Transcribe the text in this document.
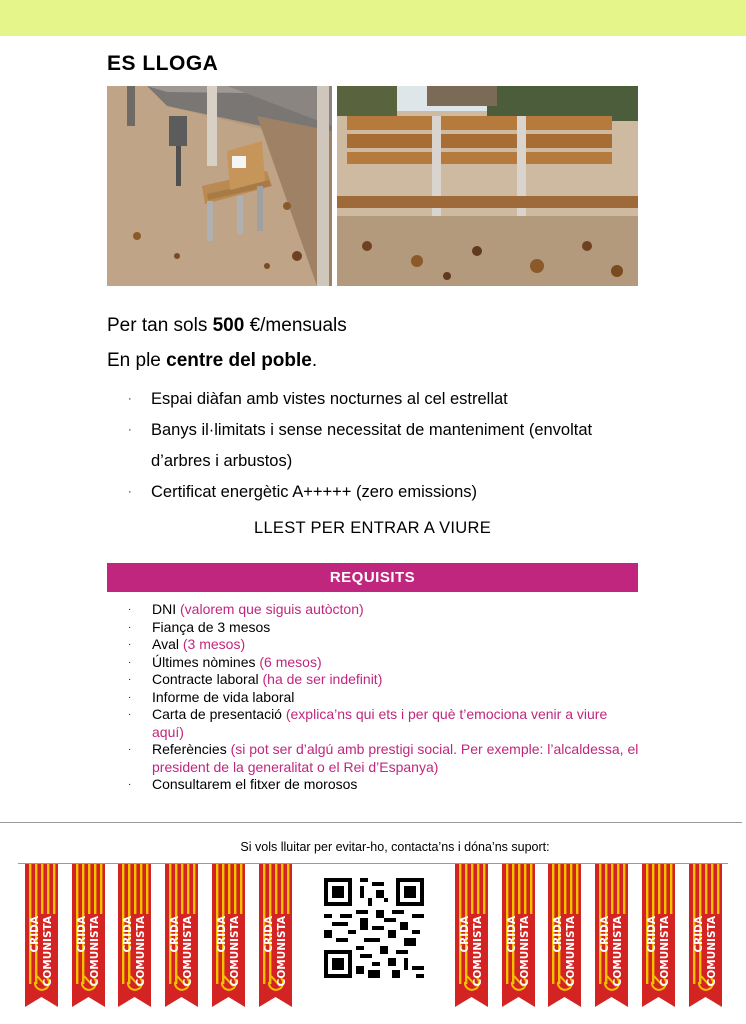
ES LLOGA
Per tan sols 500 €/mensuals
En ple centre del poble.
· Espai diàfan amb vistes nocturnes al cel estrellat
· Banys il·limitats i sense necessitat de manteniment (envoltat d’arbres i arbustos)
· Certificat energètic A+++++ (zero emissions)
LLEST PER ENTRAR A VIURE
REQUISITS
· DNI (valorem que siguis autòcton)
· Fiança de 3 mesos
· Aval (3 mesos)
· Últimes nòmines (6 mesos)
· Contracte laboral (ha de ser indefinit)
· Informe de vida laboral
· Carta de presentació (explica’ns qui ets i per què t’emociona venir a viure aquí)
· Referències (si pot ser d’algú amb prestigi social. Per exemple: l’alcaldessa, el president de la generalitat o el Rei d’Espanya)
· Consultarem el fitxer de morosos
Si vols lluitar per evitar-ho, contacta’ns i dóna’ns suport:
CRIDA COMUNISTA CRIDA COMUNISTA CRIDA COMUNISTA CRIDA COMUNISTA CRIDA COMUNISTA CRIDA COMUNISTA	CRIDA COMUNISTA CRIDA COMUNISTA CRIDA COMUNISTA CRIDA COMUNISTA CRIDA COMUNISTA CRIDA COMUNISTA
